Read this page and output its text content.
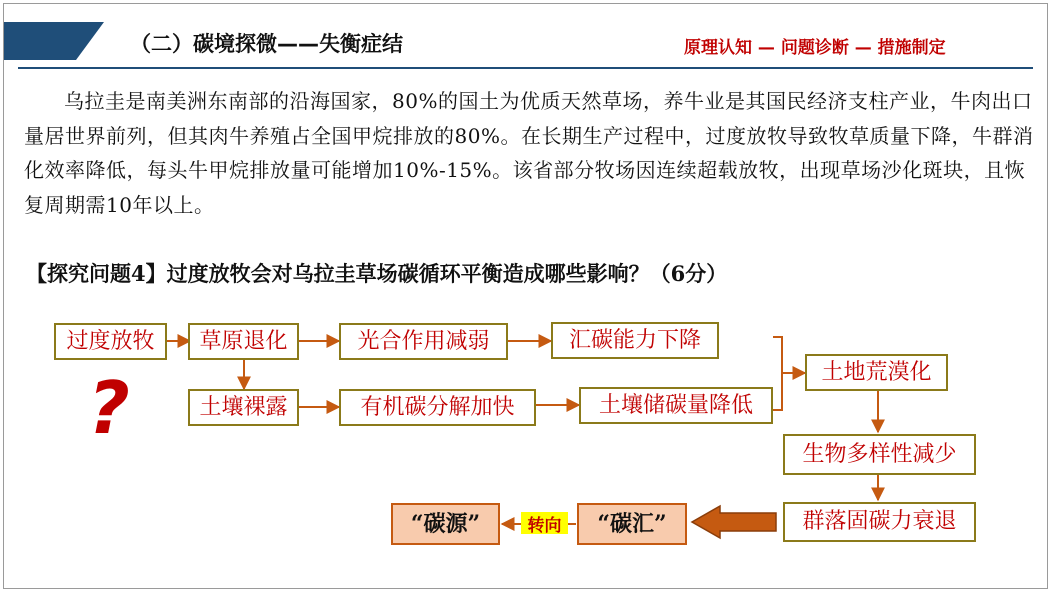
（二）碳境探微——失衡症结	原理认知 — 问题诊断 — 措施制定

乌拉圭是南美洲东南部的沿海国家，80%的国土为优质天然草场，养牛业是其国民经济支柱产业，牛肉出口量居世界前列，但其肉牛养殖占全国甲烷排放的80%。在长期生产过程中，过度放牧导致牧草质量下降，牛群消化效率降低，每头牛甲烷排放量可能增加10%-15%。该省部分牧场因连续超载放牧，出现草场沙化斑块，且恢复周期需10年以上。

【探究问题4】过度放牧会对乌拉圭草场碳循环平衡造成哪些影响？（6分）
?
过度放牧	草原退化	光合作用减弱	汇碳能力下降
土壤裸露	有机碳分解加快	土壤储碳量降低
土地荒漠化
生物多样性减少
群落固碳力衰退
“碳汇”
“碳源”	转向
